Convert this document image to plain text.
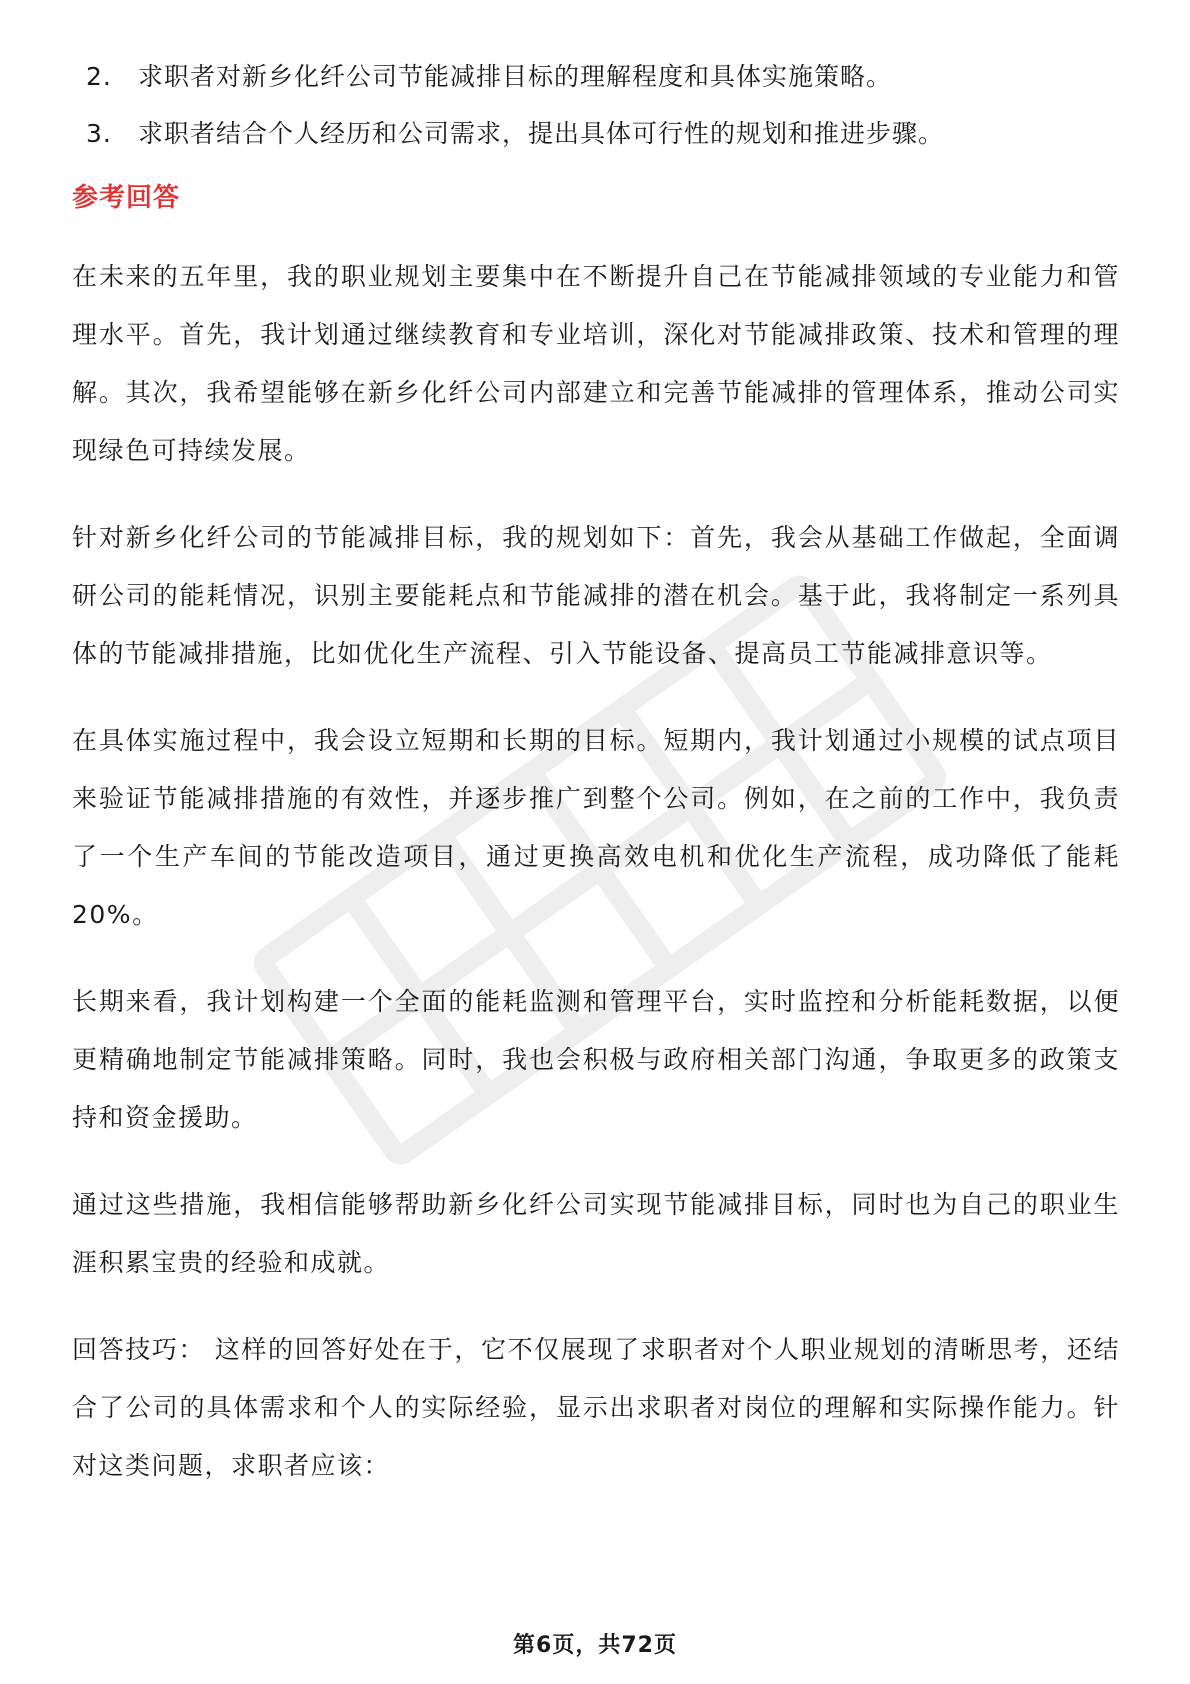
2.	求职者对新乡化纤公司节能减排目标的理解程度和具体实施策略。
3.	求职者结合个人经历和公司需求，提出具体可行性的规划和推进步骤。
参考回答

在未来的五年里，我的职业规划主要集中在不断提升自己在节能减排领域的专业能力和管理水平。首先，我计划通过继续教育和专业培训，深化对节能减排政策、技术和管理的理解。其次，我希望能够在新乡化纤公司内部建立和完善节能减排的管理体系，推动公司实现绿色可持续发展。

针对新乡化纤公司的节能减排目标，我的规划如下：首先，我会从基础工作做起，全面调研公司的能耗情况，识别主要能耗点和节能减排的潜在机会。基于此，我将制定一系列具体的节能减排措施，比如优化生产流程、引入节能设备、提高员工节能减排意识等。

在具体实施过程中，我会设立短期和长期的目标。短期内，我计划通过小规模的试点项目来验证节能减排措施的有效性，并逐步推广到整个公司。例如，在之前的工作中，我负责了一个生产车间的节能改造项目，通过更换高效电机和优化生产流程，成功降低了能耗20%。

长期来看，我计划构建一个全面的能耗监测和管理平台，实时监控和分析能耗数据，以便更精确地制定节能减排策略。同时，我也会积极与政府相关部门沟通，争取更多的政策支持和资金援助。

通过这些措施，我相信能够帮助新乡化纤公司实现节能减排目标，同时也为自己的职业生涯积累宝贵的经验和成就。

回答技巧： 这样的回答好处在于，它不仅展现了求职者对个人职业规划的清晰思考，还结合了公司的具体需求和个人的实际经验，显示出求职者对岗位的理解和实际操作能力。针对这类问题，求职者应该：

第6页，共72页
